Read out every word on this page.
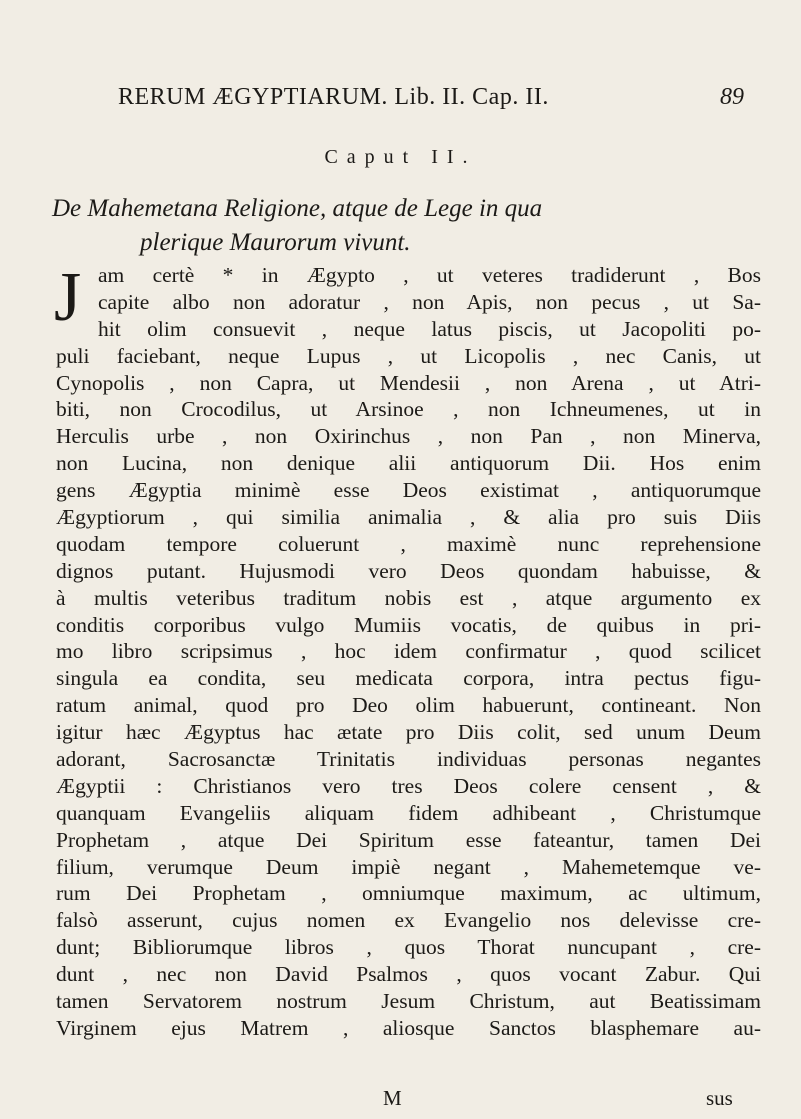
RERUM ÆGYPTIARUM. Lib. II. Cap. II.	89
Caput II.
De Mahemetana Religione, atque de Lege in qua
plerique Maurorum vivunt.
J am certè * in Ægypto , ut veteres tradiderunt , Bos
capite albo non adoratur , non Apis, non pecus , ut Sa-
hit olim consuevit , neque latus piscis, ut Jacopoliti po-
puli faciebant, neque Lupus , ut Licopolis , nec Canis, ut
Cynopolis , non Capra, ut Mendesii , non Arena , ut Atri-
biti, non Crocodilus, ut Arsinoe , non Ichneumenes, ut in
Herculis urbe , non Oxirinchus , non Pan , non Minerva,
non Lucina, non denique alii antiquorum Dii. Hos enim
gens Ægyptia minimè esse Deos existimat , antiquorumque
Ægyptiorum , qui similia animalia , & alia pro suis Diis
quodam tempore coluerunt , maximè nunc reprehensione
dignos putant. Hujusmodi vero Deos quondam habuisse, &
à multis veteribus traditum nobis est , atque argumento ex
conditis corporibus vulgo Mumiis vocatis, de quibus in pri-
mo libro scripsimus , hoc idem confirmatur , quod scilicet
singula ea condita, seu medicata corpora, intra pectus figu-
ratum animal, quod pro Deo olim habuerunt, contineant. Non
igitur hæc Ægyptus hac ætate pro Diis colit, sed unum Deum
adorant, Sacrosanctæ Trinitatis individuas personas negantes
Ægyptii : Christianos vero tres Deos colere censent , &
quanquam Evangeliis aliquam fidem adhibeant , Christumque
Prophetam , atque Dei Spiritum esse fateantur, tamen Dei
filium, verumque Deum impiè negant , Mahemetemque ve-
rum Dei Prophetam , omniumque maximum, ac ultimum,
falsò asserunt, cujus nomen ex Evangelio nos delevisse cre-
dunt; Bibliorumque libros , quos Thorat nuncupant , cre-
dunt , nec non David Psalmos , quos vocant Zabur. Qui
tamen Servatorem nostrum Jesum Christum, aut Beatissimam
Virginem ejus Matrem , aliosque Sanctos blasphemare au-
M	sus
